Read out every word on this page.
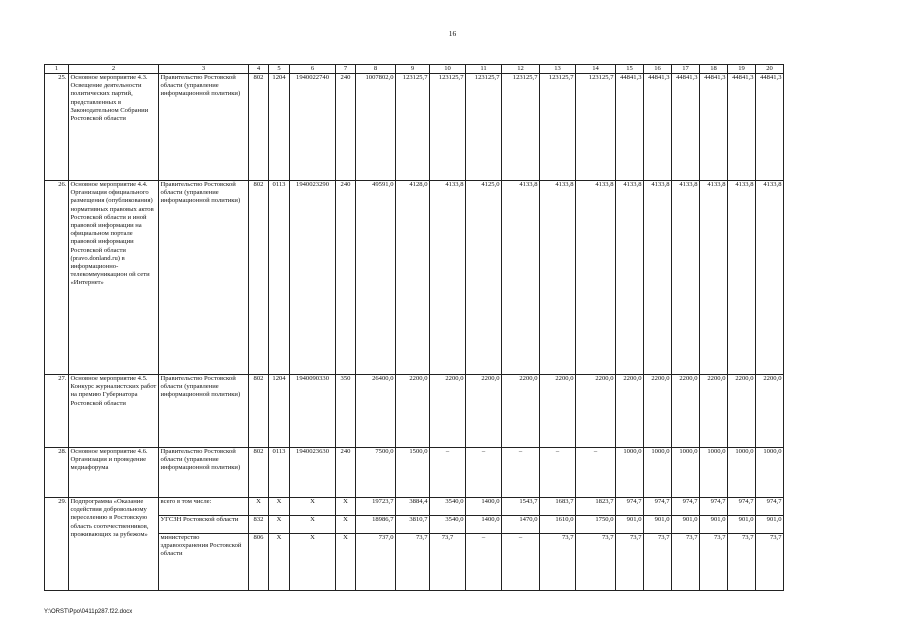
16
1	2	3	4	5	6	7	8	9	10	11	12	13	14	15	16	17	18	19	20
25.	Основное мероприятие 4.3. Освещение деятельности политических партий, представленных в Законодательном Собрании Ростовской области	Правительство Ростовской области (управление информационной политики)	802	1204	1940022740	240	1007802,0	123125,7	123125,7	123125,7	123125,7	123125,7	123125,7	44841,3	44841,3	44841,3	44841,3	44841,3	44841,3
26.	Основное мероприятие 4.4. Организация официального размещения (опубликования) нормативных правовых актов Ростовской области и иной правовой информации на официальном портале правовой информации Ростовской области (pravo.donland.ru) в информационно-телекоммуникацион ой сети «Интернет»	Правительство Ростовской области (управление информационной политики)	802	0113	1940023290	240	49591,0	4128,0	4133,8	4125,0	4133,8	4133,8	4133,8	4133,8	4133,8	4133,8	4133,8	4133,8	4133,8
27.	Основное мероприятие 4.5. Конкурс журналистских работ на премию Губернатора Ростовской области	Правительство Ростовской области (управление информационной политики)	802	1204	1940090330	350	26400,0	2200,0	2200,0	2200,0	2200,0	2200,0	2200,0	2200,0	2200,0	2200,0	2200,0	2200,0	2200,0
28.	Основное мероприятие 4.6. Организация и проведение медиафорума	Правительство Ростовской области (управление информационной политики)	802	0113	1940023630	240	7500,0	1500,0	–	–	–	–	–	1000,0	1000,0	1000,0	1000,0	1000,0	1000,0
29.	Подпрограмма «Оказание содействия добровольному переселению в Ростовскую область соотечественников, проживающих за рубежом»	всего в том числе:	X	X	X	X	19723,7	3884,4	3540,0	1400,0	1543,7	1683,7	1823,7	974,7	974,7	974,7	974,7	974,7	974,7
		УГСЗН Ростовской области	832	X	X	X	18986,7	3810,7	3540,0	1400,0	1470,0	1610,0	1750,0	901,0	901,0	901,0	901,0	901,0	901,0
		министерство здравоохранения Ростовской области	806	X	X	X	737,0	73,7	73,7	–	–	73,7	73,7	73,7	73,7	73,7	73,7	73,7	73,7
Y:\ORST\Ppo\0411p287.f22.docx
